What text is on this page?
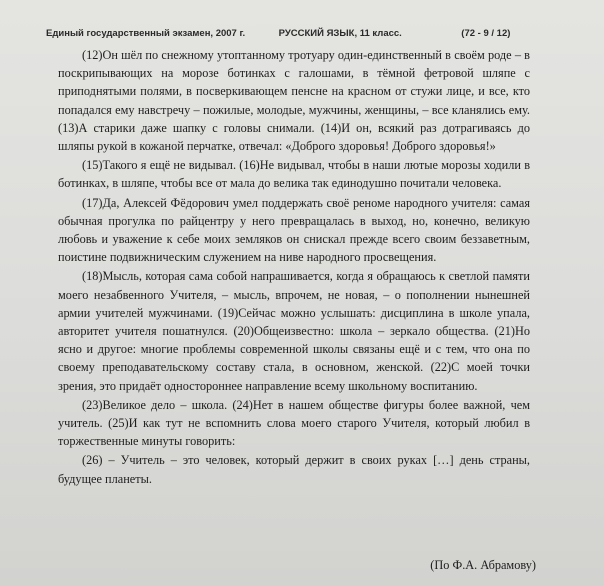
Единый государственный экзамен, 2007 г.	РУССКИЙ ЯЗЫК, 11 класс.	(72 - 9 / 12)

(12)Он шёл по снежному утоптанному тротуару один-единственный в своём роде – в поскрипывающих на морозе ботинках с галошами, в тёмной фетровой шляпе с приподнятыми полями, в посверкивающем пенсне на красном от стужи лице, и все, кто попадался ему навстречу – пожилые, молодые, мужчины, женщины, – все кланялись ему. (13)А старики даже шапку с головы снимали. (14)И он, всякий раз дотрагиваясь до шляпы рукой в кожаной перчатке, отвечал: «Доброго здоровья! Доброго здоровья!»

(15)Такого я ещё не видывал. (16)Не видывал, чтобы в наши лютые морозы ходили в ботинках, в шляпе, чтобы все от мала до велика так единодушно почитали человека.

(17)Да, Алексей Фёдорович умел поддержать своё реноме народного учителя: самая обычная прогулка по райцентру у него превращалась в выход, но, конечно, великую любовь и уважение к себе моих земляков он снискал прежде всего своим беззаветным, поистине подвижническим служением на ниве народного просвещения.

(18)Мысль, которая сама собой напрашивается, когда я обращаюсь к светлой памяти моего незабвенного Учителя, – мысль, впрочем, не новая, – о пополнении нынешней армии учителей мужчинами. (19)Сейчас можно услышать: дисциплина в школе упала, авторитет учителя пошатнулся. (20)Общеизвестно: школа – зеркало общества. (21)Но ясно и другое: многие проблемы современной школы связаны ещё и с тем, что она по своему преподавательскому составу стала, в основном, женской. (22)С моей точки зрения, это придаёт одностороннее направление всему школьному воспитанию.

(23)Великое дело – школа. (24)Нет в нашем обществе фигуры более важной, чем учитель. (25)И как тут не вспомнить слова моего старого Учителя, который любил в торжественные минуты говорить:

(26) – Учитель – это человек, который держит в своих руках […] день страны, будущее планеты.

(По Ф.А. Абрамову)
